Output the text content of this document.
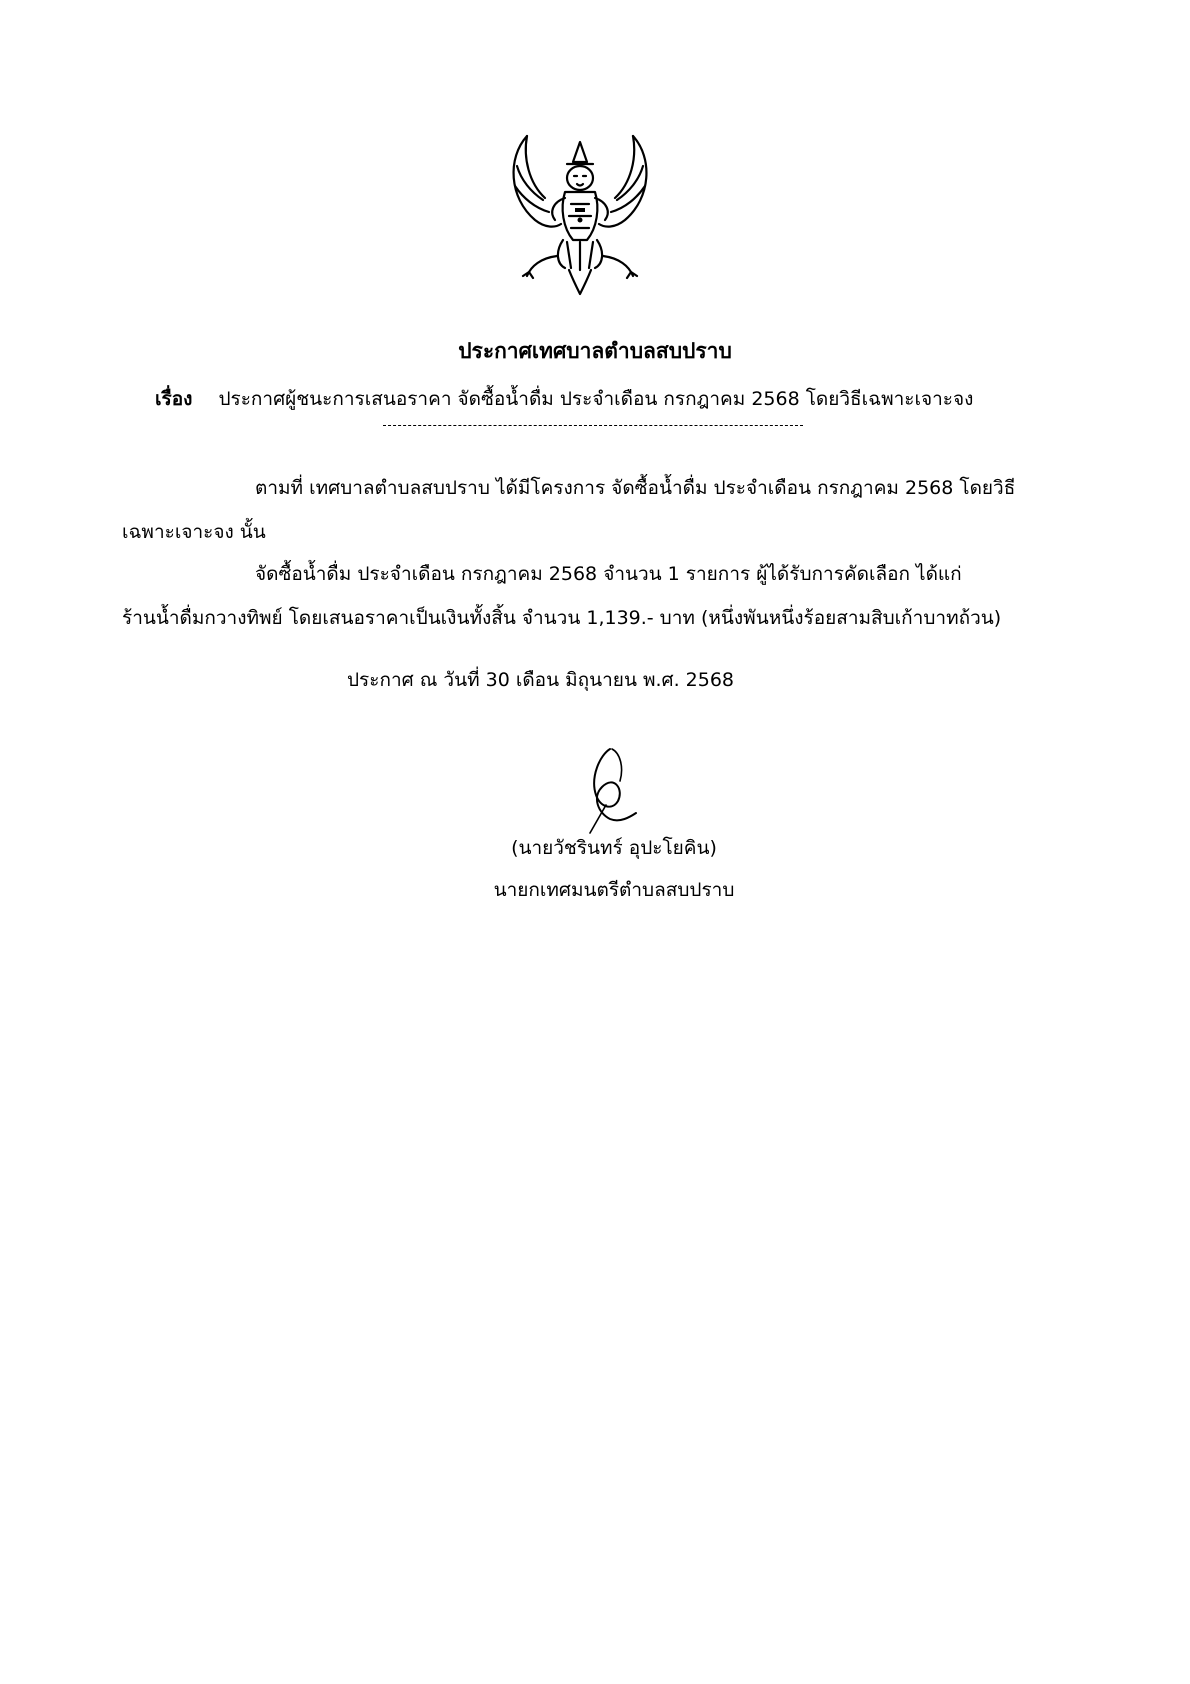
ประกาศเทศบาลตำบลสบปราบ
เรื่อง ประกาศผู้ชนะการเสนอราคา จัดซื้อน้ำดื่ม ประจำเดือน กรกฎาคม 2568 โดยวิธีเฉพาะเจาะจง
ตามที่ เทศบาลตำบลสบปราบ ได้มีโครงการ จัดซื้อน้ำดื่ม ประจำเดือน กรกฎาคม 2568 โดยวิธี
เฉพาะเจาะจง นั้น
จัดซื้อน้ำดื่ม ประจำเดือน กรกฎาคม 2568 จำนวน 1 รายการ ผู้ได้รับการคัดเลือก ได้แก่
ร้านน้ำดื่มกวางทิพย์ โดยเสนอราคาเป็นเงินทั้งสิ้น จำนวน 1,139.- บาท (หนึ่งพันหนึ่งร้อยสามสิบเก้าบาทถ้วน)
ประกาศ ณ วันที่ 30 เดือน มิถุนายน พ.ศ. 2568
(นายวัชรินทร์ อุปะโยคิน)
นายกเทศมนตรีตำบลสบปราบ
